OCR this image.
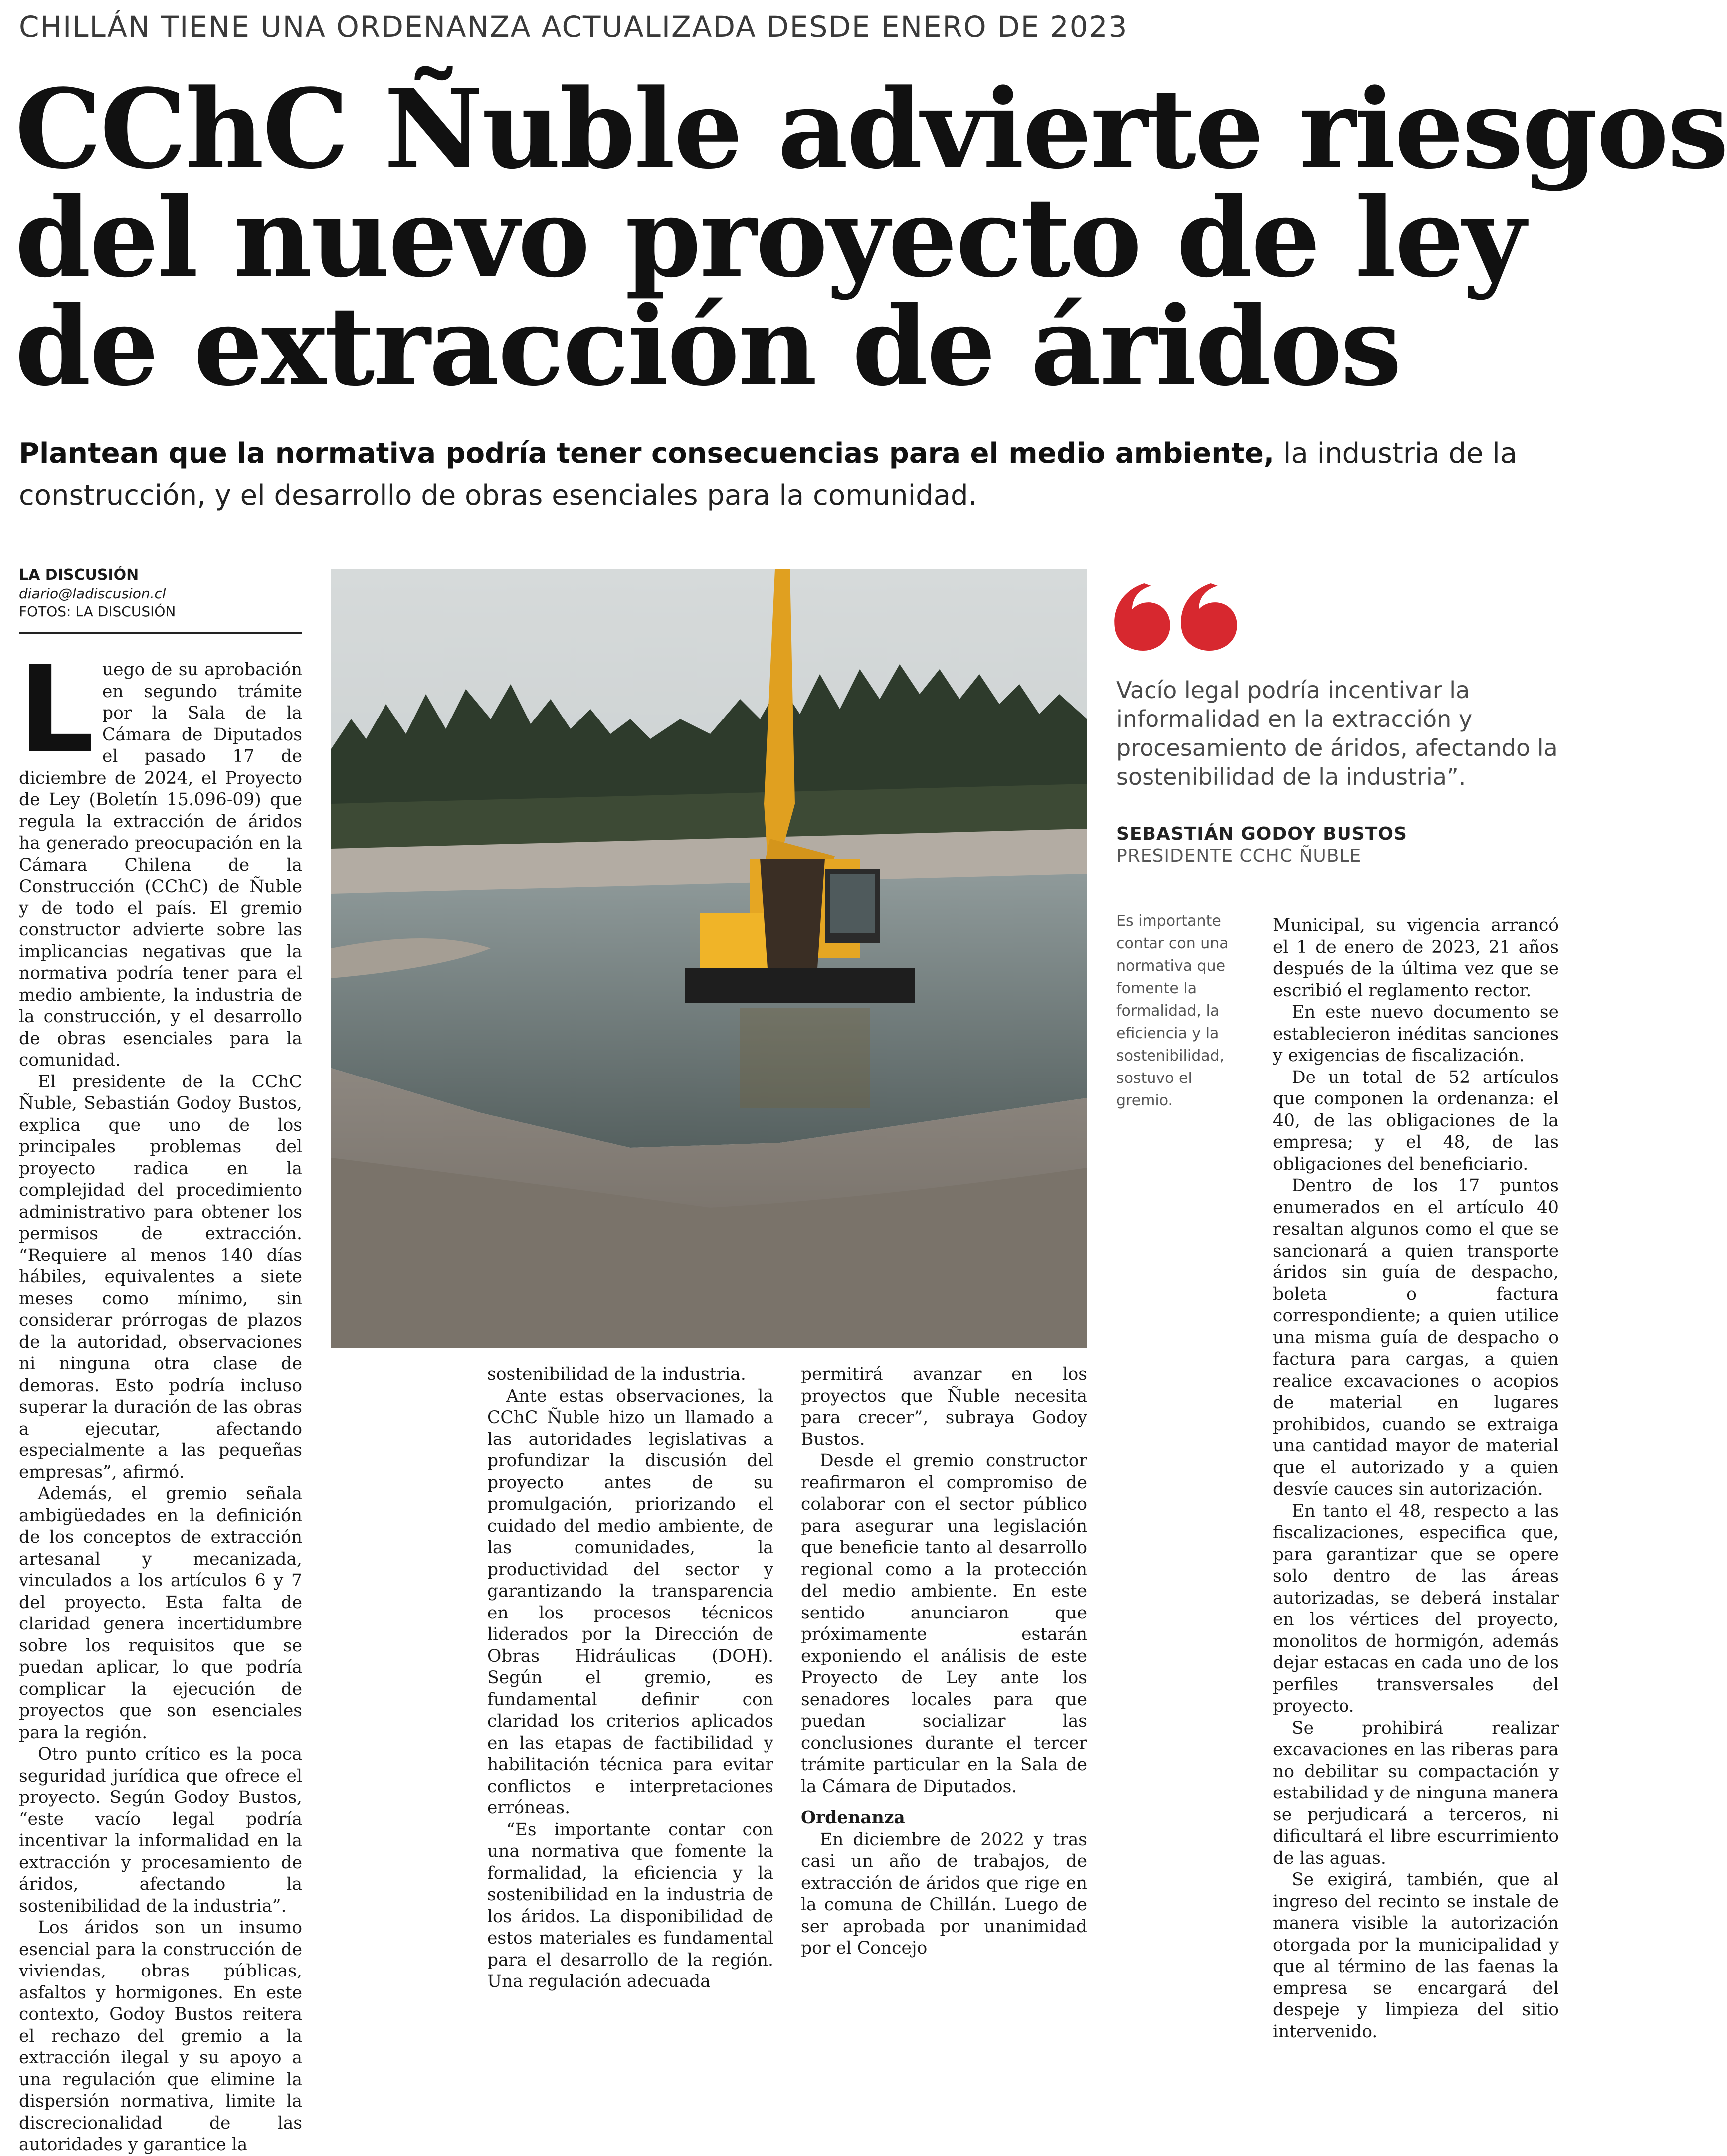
CHILLÁN TIENE UNA ORDENANZA ACTUALIZADA DESDE ENERO DE 2023
CChC Ñuble advierte riesgos
del nuevo proyecto de ley
de extracción de áridos
Plantean que la normativa podría tener consecuencias para el medio ambiente, la industria de la construcción, y el desarrollo de obras esenciales para la comunidad.
LA DISCUSIÓN
diario@ladiscusion.cl
FOTOS: LA DISCUSIÓN

Luego de su aprobación en segundo trámite por la Sala de la Cámara de Diputados el pasado 17 de diciembre de 2024, el Proyecto de Ley (Boletín 15.096-09) que regula la extracción de áridos ha generado preocupación en la Cámara Chilena de la Construcción (CChC) de Ñuble y de todo el país. El gremio constructor advierte sobre las implicancias negativas que la normativa podría tener para el medio ambiente, la industria de la construcción, y el desarrollo de obras esenciales para la comunidad.

El presidente de la CChC Ñuble, Sebastián Godoy Bustos, explica que uno de los principales problemas del proyecto radica en la complejidad del procedimiento administrativo para obtener los permisos de extracción. “Requiere al menos 140 días hábiles, equivalentes a siete meses como mínimo, sin considerar prórrogas de plazos de la autoridad, observaciones ni ninguna otra clase de demoras. Esto podría incluso superar la duración de las obras a ejecutar, afectando especialmente a las pequeñas empresas”, afirmó.

Además, el gremio señala ambigüedades en la definición de los conceptos de extracción artesanal y mecanizada, vinculados a los artículos 6 y 7 del proyecto. Esta falta de claridad genera incertidumbre sobre los requisitos que se puedan aplicar, lo que podría complicar la ejecución de proyectos que son esenciales para la región.

Otro punto crítico es la poca seguridad jurídica que ofrece el proyecto. Según Godoy Bustos, “este vacío legal podría incentivar la informalidad en la extracción y procesamiento de áridos, afectando la sostenibilidad de la industria”.

Los áridos son un insumo esencial para la construcción de viviendas, obras públicas, asfaltos y hormigones. En este contexto, Godoy Bustos reitera el rechazo del gremio a la extracción ilegal y su apoyo a una regulación que elimine la dispersión normativa, limite la discrecionalidad de las autoridades y garantice la

Vacío legal podría incentivar la informalidad en la extracción y procesamiento de áridos, afectando la sostenibilidad de la industria”.
SEBASTIÁN GODOY BUSTOS
PRESIDENTE CCHC ÑUBLE
Es importante contar con una normativa que fomente la formalidad, la eficiencia y la sostenibilidad, sostuvo el gremio.

sostenibilidad de la industria.

Ante estas observaciones, la CChC Ñuble hizo un llamado a las autoridades legislativas a profundizar la discusión del proyecto antes de su promulgación, priorizando el cuidado del medio ambiente, de las comunidades, la productividad del sector y garantizando la transparencia en los procesos técnicos liderados por la Dirección de Obras Hidráulicas (DOH). Según el gremio, es fundamental definir con claridad los criterios aplicados en las etapas de factibilidad y habilitación técnica para evitar conflictos e interpretaciones erróneas.

“Es importante contar con una normativa que fomente la formalidad, la eficiencia y la sostenibilidad en la industria de los áridos. La disponibilidad de estos materiales es fundamental para el desarrollo de la región. Una regulación adecuada

permitirá avanzar en los proyectos que Ñuble necesita para crecer”, subraya Godoy Bustos.

Desde el gremio constructor reafirmaron el compromiso de colaborar con el sector público para asegurar una legislación que beneficie tanto al desarrollo regional como a la protección del medio ambiente. En este sentido anunciaron que próximamente estarán exponiendo el análisis de este Proyecto de Ley ante los senadores locales para que puedan socializar las conclusiones durante el tercer trámite particular en la Sala de la Cámara de Diputados.

Ordenanza

En diciembre de 2022 y tras casi un año de trabajos, de extracción de áridos que rige en la comuna de Chillán. Luego de ser aprobada por unanimidad por el Concejo

Municipal, su vigencia arrancó el 1 de enero de 2023, 21 años después de la última vez que se escribió el reglamento rector.

En este nuevo documento se establecieron inéditas sanciones y exigencias de fiscalización.

De un total de 52 artículos que componen la ordenanza: el 40, de las obligaciones de la empresa; y el 48, de las obligaciones del beneficiario.

Dentro de los 17 puntos enumerados en el artículo 40 resaltan algunos como el que se sancionará a quien transporte áridos sin guía de despacho, boleta o factura correspondiente; a quien utilice una misma guía de despacho o factura para cargas, a quien realice excavaciones o acopios de material en lugares prohibidos, cuando se extraiga una cantidad mayor de material que el autorizado y a quien desvíe cauces sin autorización.

En tanto el 48, respecto a las fiscalizaciones, especifica que, para garantizar que se opere solo dentro de las áreas autorizadas, se deberá instalar en los vértices del proyecto, monolitos de hormigón, además dejar estacas en cada uno de los perfiles transversales del proyecto.

Se prohibirá realizar excavaciones en las riberas para no debilitar su compactación y estabilidad y de ninguna manera se perjudicará a terceros, ni dificultará el libre escurrimiento de las aguas.

Se exigirá, también, que al ingreso del recinto se instale de manera visible la autorización otorgada por la municipalidad y que al término de las faenas la empresa se encargará del despeje y limpieza del sitio intervenido.
